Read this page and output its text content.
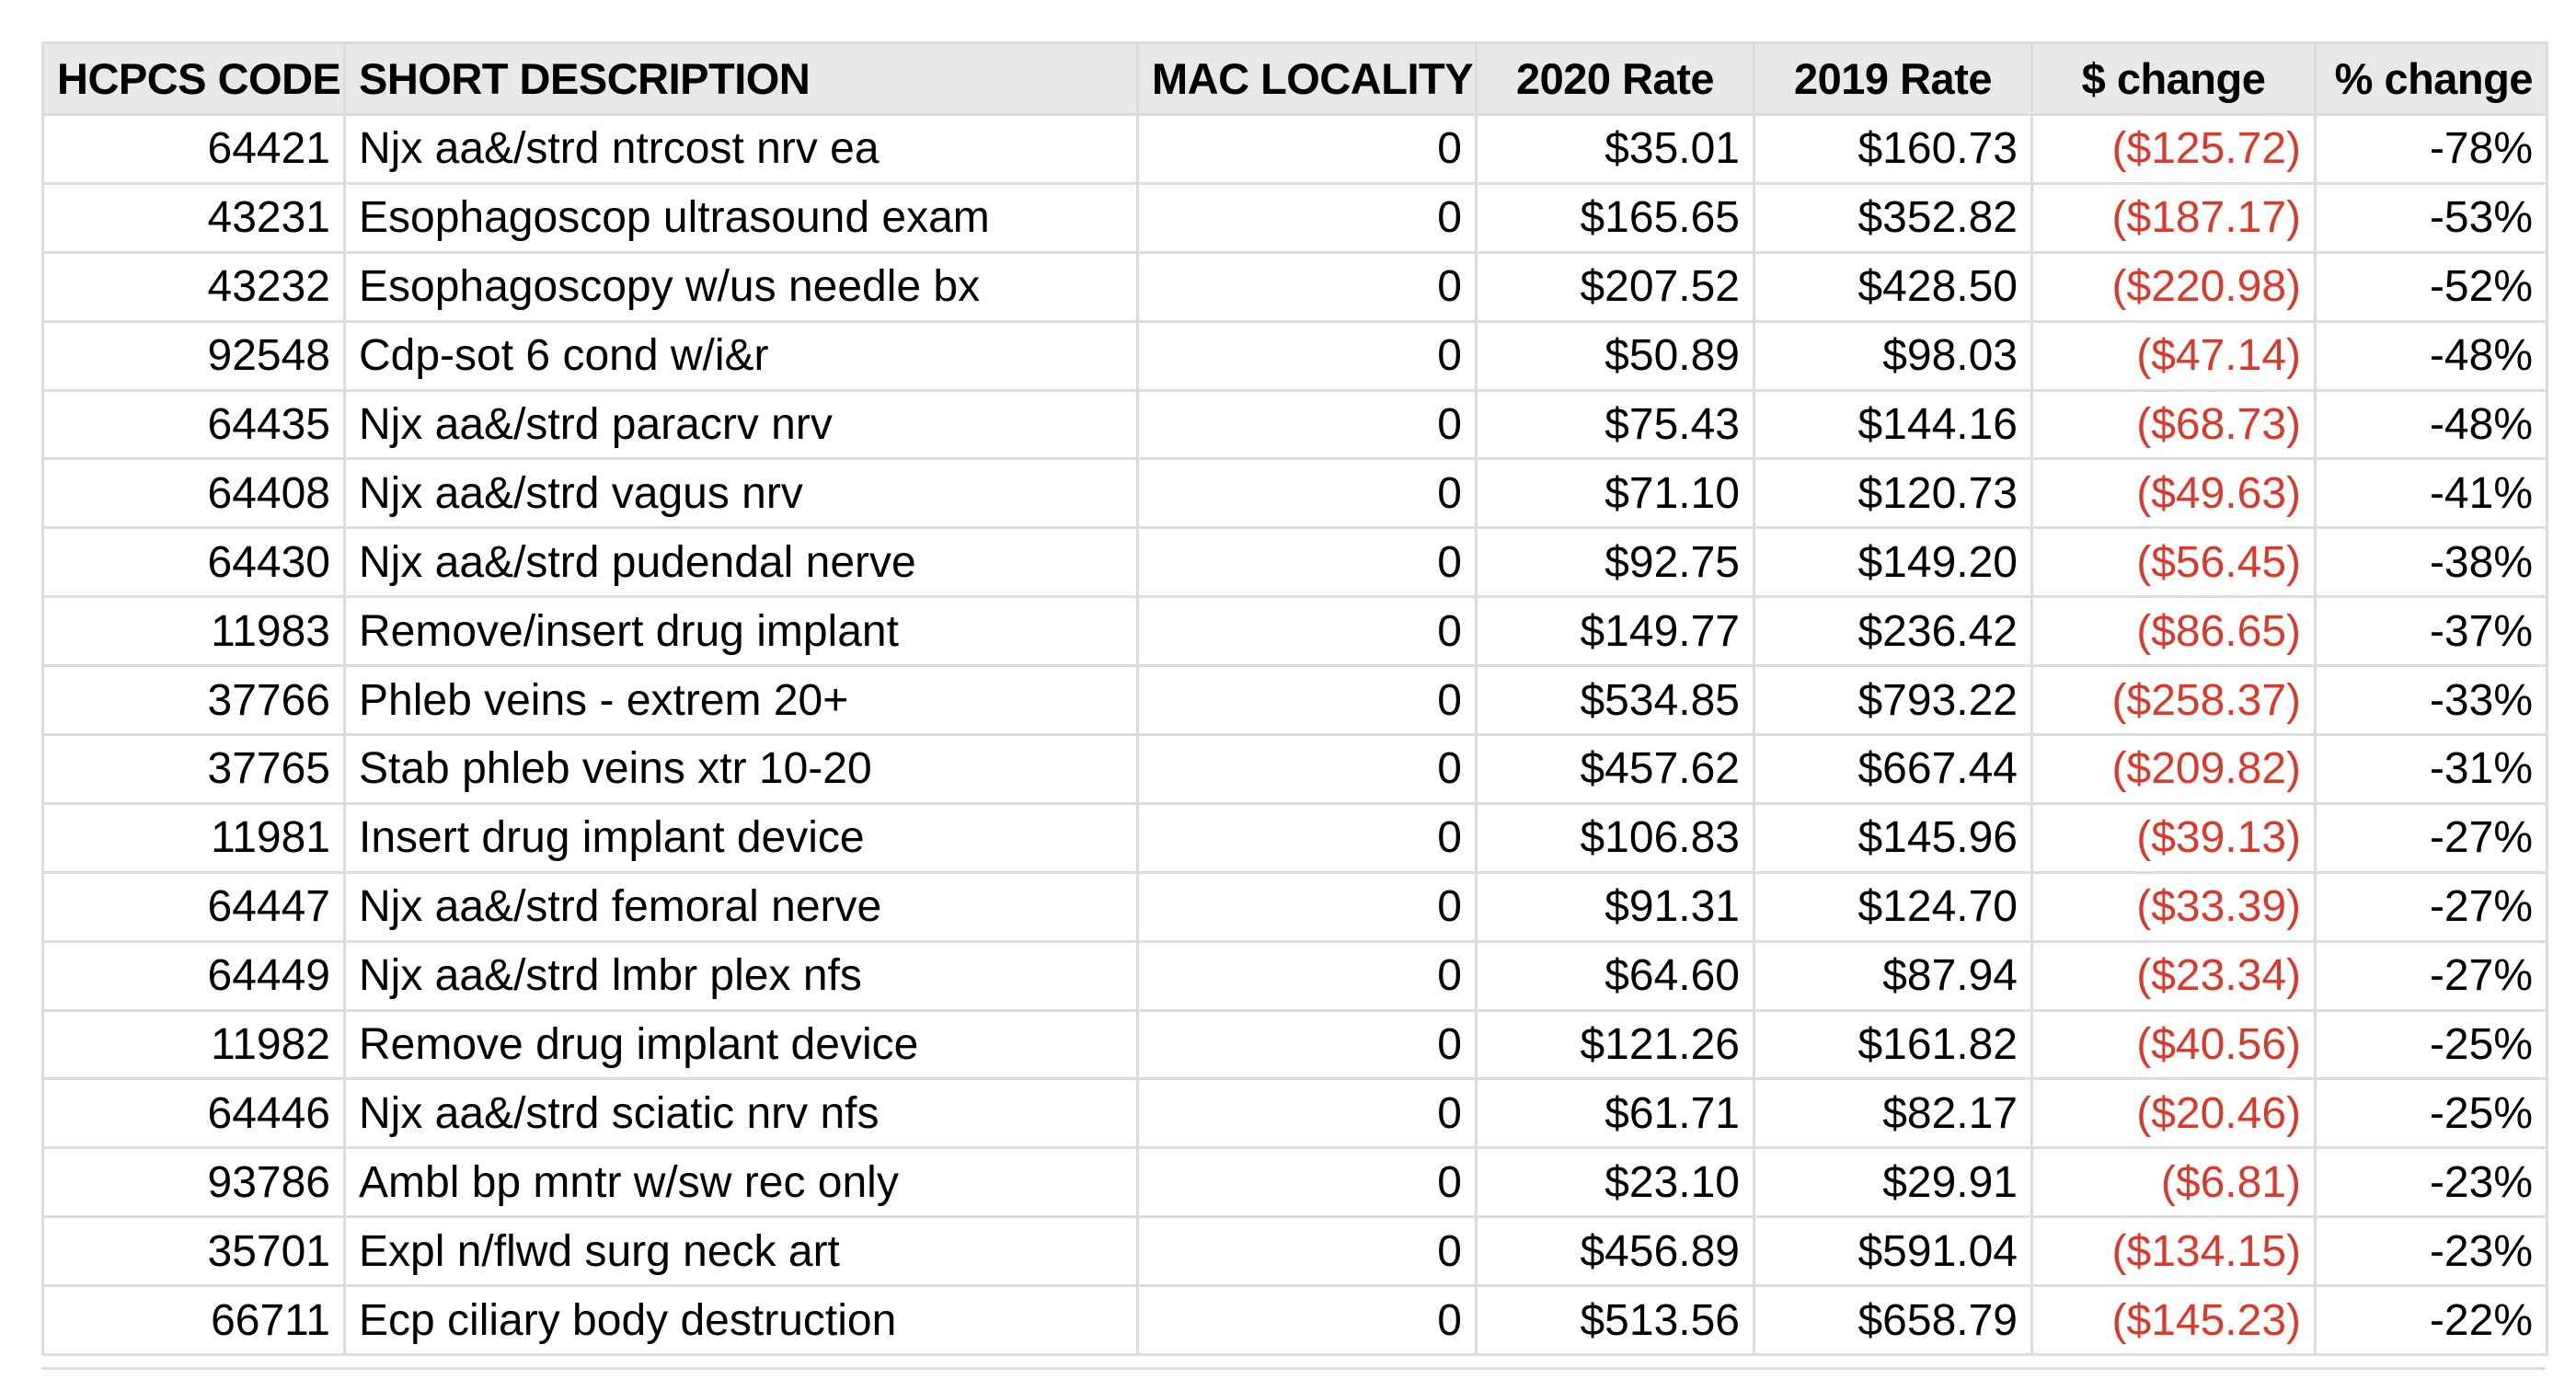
HCPCS CODE	SHORT DESCRIPTION	MAC LOCALITY	2020 Rate	2019 Rate	$ change	% change
64421	Njx aa&/strd ntrcost nrv ea	0	$35.01	$160.73	($125.72)	-78%
43231	Esophagoscop ultrasound exam	0	$165.65	$352.82	($187.17)	-53%
43232	Esophagoscopy w/us needle bx	0	$207.52	$428.50	($220.98)	-52%
92548	Cdp-sot 6 cond w/i&r	0	$50.89	$98.03	($47.14)	-48%
64435	Njx aa&/strd paracrv nrv	0	$75.43	$144.16	($68.73)	-48%
64408	Njx aa&/strd vagus nrv	0	$71.10	$120.73	($49.63)	-41%
64430	Njx aa&/strd pudendal nerve	0	$92.75	$149.20	($56.45)	-38%
11983	Remove/insert drug implant	0	$149.77	$236.42	($86.65)	-37%
37766	Phleb veins - extrem 20+	0	$534.85	$793.22	($258.37)	-33%
37765	Stab phleb veins xtr 10-20	0	$457.62	$667.44	($209.82)	-31%
11981	Insert drug implant device	0	$106.83	$145.96	($39.13)	-27%
64447	Njx aa&/strd femoral nerve	0	$91.31	$124.70	($33.39)	-27%
64449	Njx aa&/strd lmbr plex nfs	0	$64.60	$87.94	($23.34)	-27%
11982	Remove drug implant device	0	$121.26	$161.82	($40.56)	-25%
64446	Njx aa&/strd sciatic nrv nfs	0	$61.71	$82.17	($20.46)	-25%
93786	Ambl bp mntr w/sw rec only	0	$23.10	$29.91	($6.81)	-23%
35701	Expl n/flwd surg neck art	0	$456.89	$591.04	($134.15)	-23%
66711	Ecp ciliary body destruction	0	$513.56	$658.79	($145.23)	-22%
